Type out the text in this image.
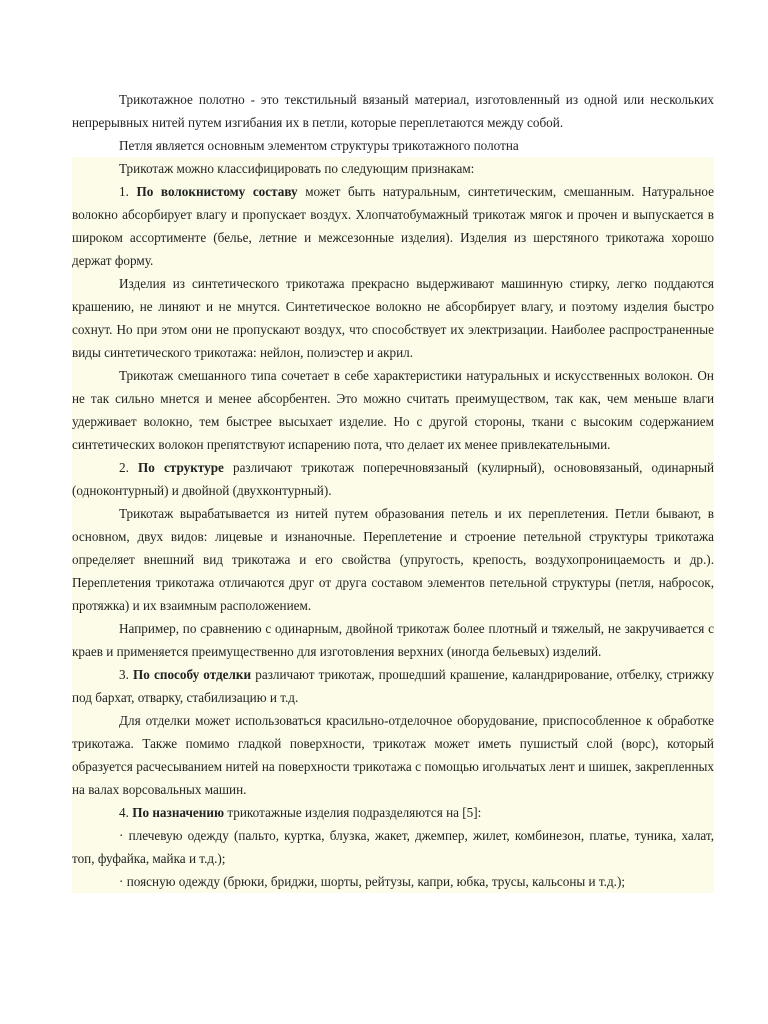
Трикотажное полотно - это текстильный вязаный материал, изготовленный из одной или нескольких непрерывных нитей путем изгибания их в петли, которые переплетаются между собой.

Петля является основным элементом структуры трикотажного полотна

Трикотаж можно классифицировать по следующим признакам:

1. По волокнистому составу может быть натуральным, синтетическим, смешанным. Натуральное волокно абсорбирует влагу и пропускает воздух. Хлопчатобумажный трикотаж мягок и прочен и выпускается в широком ассортименте (белье, летние и межсезонные изделия). Изделия из шерстяного трикотажа хорошо держат форму.

Изделия из синтетического трикотажа прекрасно выдерживают машинную стирку, легко поддаются крашению, не линяют и не мнутся. Синтетическое волокно не абсорбирует влагу, и поэтому изделия быстро сохнут. Но при этом они не пропускают воздух, что способствует их электризации. Наиболее распространенные виды синтетического трикотажа: нейлон, полиэстер и акрил.

Трикотаж смешанного типа сочетает в себе характеристики натуральных и искусственных волокон. Он не так сильно мнется и менее абсорбентен. Это можно считать преимуществом, так как, чем меньше влаги удерживает волокно, тем быстрее высыхает изделие. Но с другой стороны, ткани с высоким содержанием синтетических волокон препятствуют испарению пота, что делает их менее привлекательными.

2. По структуре различают трикотаж поперечновязаный (кулирный), основовязаный, одинарный (одноконтурный) и двойной (двухконтурный).

Трикотаж вырабатывается из нитей путем образования петель и их переплетения. Петли бывают, в основном, двух видов: лицевые и изнаночные. Переплетение и строение петельной структуры трикотажа определяет внешний вид трикотажа и его свойства (упругость, крепость, воздухопроницаемость и др.). Переплетения трикотажа отличаются друг от друга составом элементов петельной структуры (петля, набросок, протяжка) и их взаимным расположением.

Например, по сравнению с одинарным, двойной трикотаж более плотный и тяжелый, не закручивается с краев и применяется преимущественно для изготовления верхних (иногда бельевых) изделий.

3. По способу отделки различают трикотаж, прошедший крашение, каландрирование, отбелку, стрижку под бархат, отварку, стабилизацию и т.д.

Для отделки может использоваться красильно-отделочное оборудование, приспособленное к обработке трикотажа. Также помимо гладкой поверхности, трикотаж может иметь пушистый слой (ворс), который образуется расчесыванием нитей на поверхности трикотажа с помощью игольчатых лент и шишек, закрепленных на валах ворсовальных машин.

4. По назначению трикотажные изделия подразделяются на [5]:

· плечевую одежду (пальто, куртка, блузка, жакет, джемпер, жилет, комбинезон, платье, туника, халат, топ, фуфайка, майка и т.д.);

· поясную одежду (брюки, бриджи, шорты, рейтузы, капри, юбка, трусы, кальсоны и т.д.);
